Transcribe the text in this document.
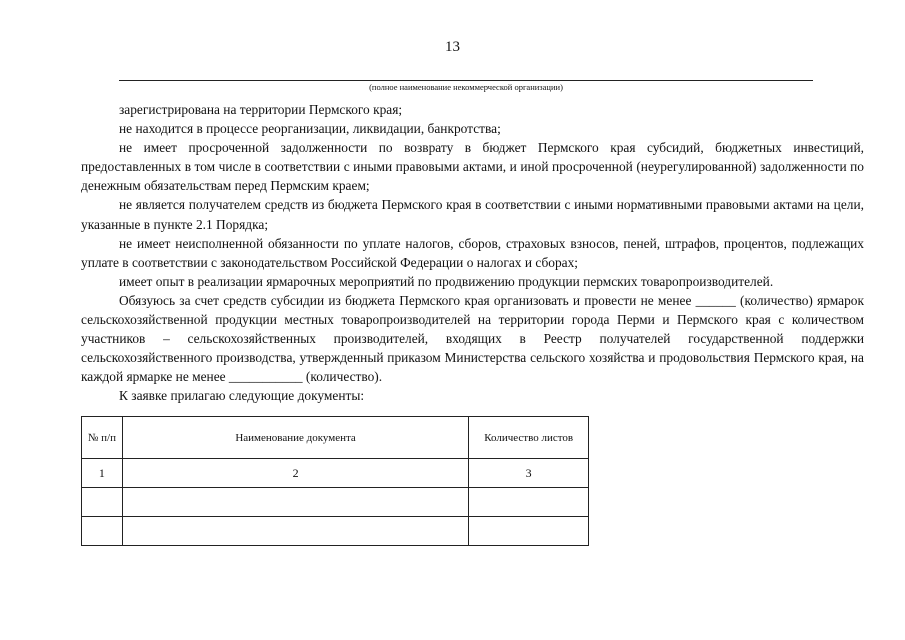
13
(полное наименование некоммерческой организации)

зарегистрирована на территории Пермского края;

не находится в процессе реорганизации, ликвидации, банкротства;

не имеет просроченной задолженности по возврату в бюджет Пермского края субсидий, бюджетных инвестиций, предоставленных в том числе в соответствии с иными правовыми актами, и иной просроченной (неурегулированной) задолженности по денежным обязательствам перед Пермским краем;

не является получателем средств из бюджета Пермского края в соответствии с иными нормативными правовыми актами на цели, указанные в пункте 2.1 Порядка;

не имеет неисполненной обязанности по уплате налогов, сборов, страховых взносов, пеней, штрафов, процентов, подлежащих уплате в соответствии с законодательством Российской Федерации о налогах и сборах;

имеет опыт в реализации ярмарочных мероприятий по продвижению продукции пермских товаропроизводителей.

Обязуюсь за счет средств субсидии из бюджета Пермского края организовать и провести не менее ______ (количество) ярмарок сельскохозяйственной продукции местных товаропроизводителей на территории города Перми и Пермского края с количеством участников – сельскохозяйственных производителей, входящих в Реестр получателей государственной поддержки сельскохозяйственного производства, утвержденный приказом Министерства сельского хозяйства и продовольствия Пермского края, на каждой ярмарке не менее ___________ (количество).

К заявке прилагаю следующие документы:

№ п/п	Наименование документа	Количество листов
1	2	3
